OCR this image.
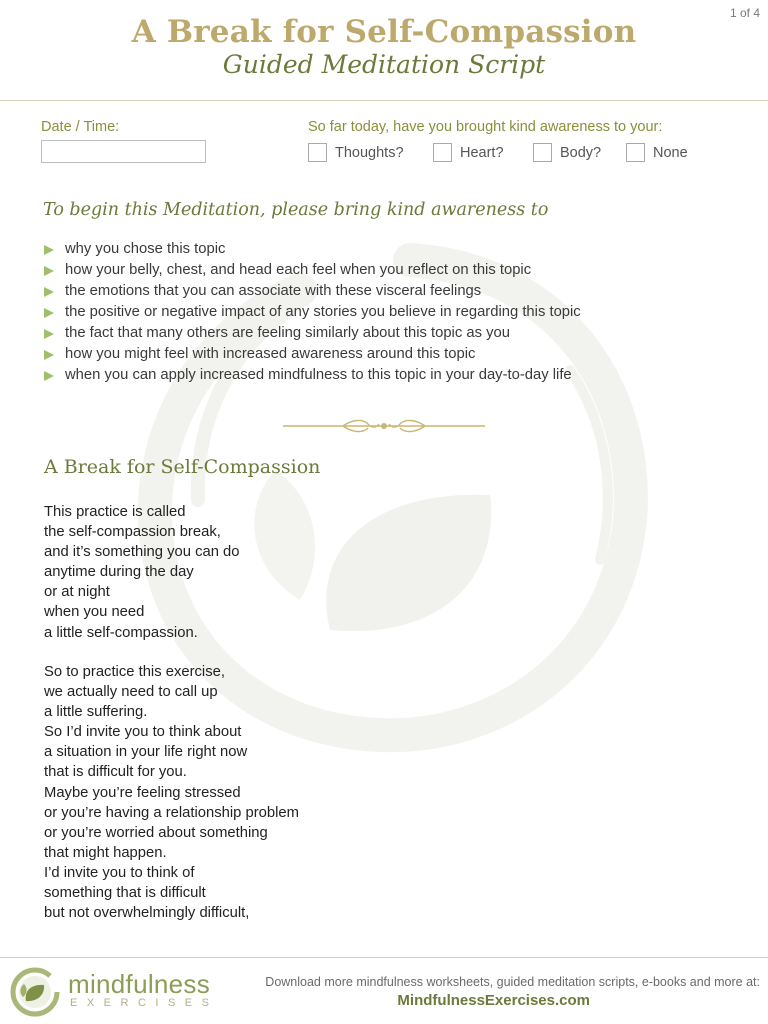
1 of 4
A Break for Self-Compassion
Guided Meditation Script
Date / Time:	So far today, have you brought kind awareness to your:
Thoughts?	Heart?	Body?	None
To begin this Meditation, please bring kind awareness to
why you chose this topic
how your belly, chest, and head each feel when you reflect on this topic
the emotions that you can associate with these visceral feelings
the positive or negative impact of any stories you believe in regarding this topic
the fact that many others are feeling similarly about this topic as you
how you might feel with increased awareness around this topic
when you can apply increased mindfulness to this topic in your day-to-day life
A Break for Self-Compassion
This practice is called
the self-compassion break,
and it’s something you can do
anytime during the day
or at night
when you need
a little self-compassion.
So to practice this exercise,
we actually need to call up
a little suffering.
So I’d invite you to think about
a situation in your life right now
that is difficult for you.
Maybe you’re feeling stressed
or you’re having a relationship problem
or you’re worried about something
that might happen.
I’d invite you to think of
something that is difficult
but not overwhelmingly difficult,
mindfulness
EXERCISES
Download more mindfulness worksheets, guided meditation scripts, e-books and more at:
MindfulnessExercises.com
